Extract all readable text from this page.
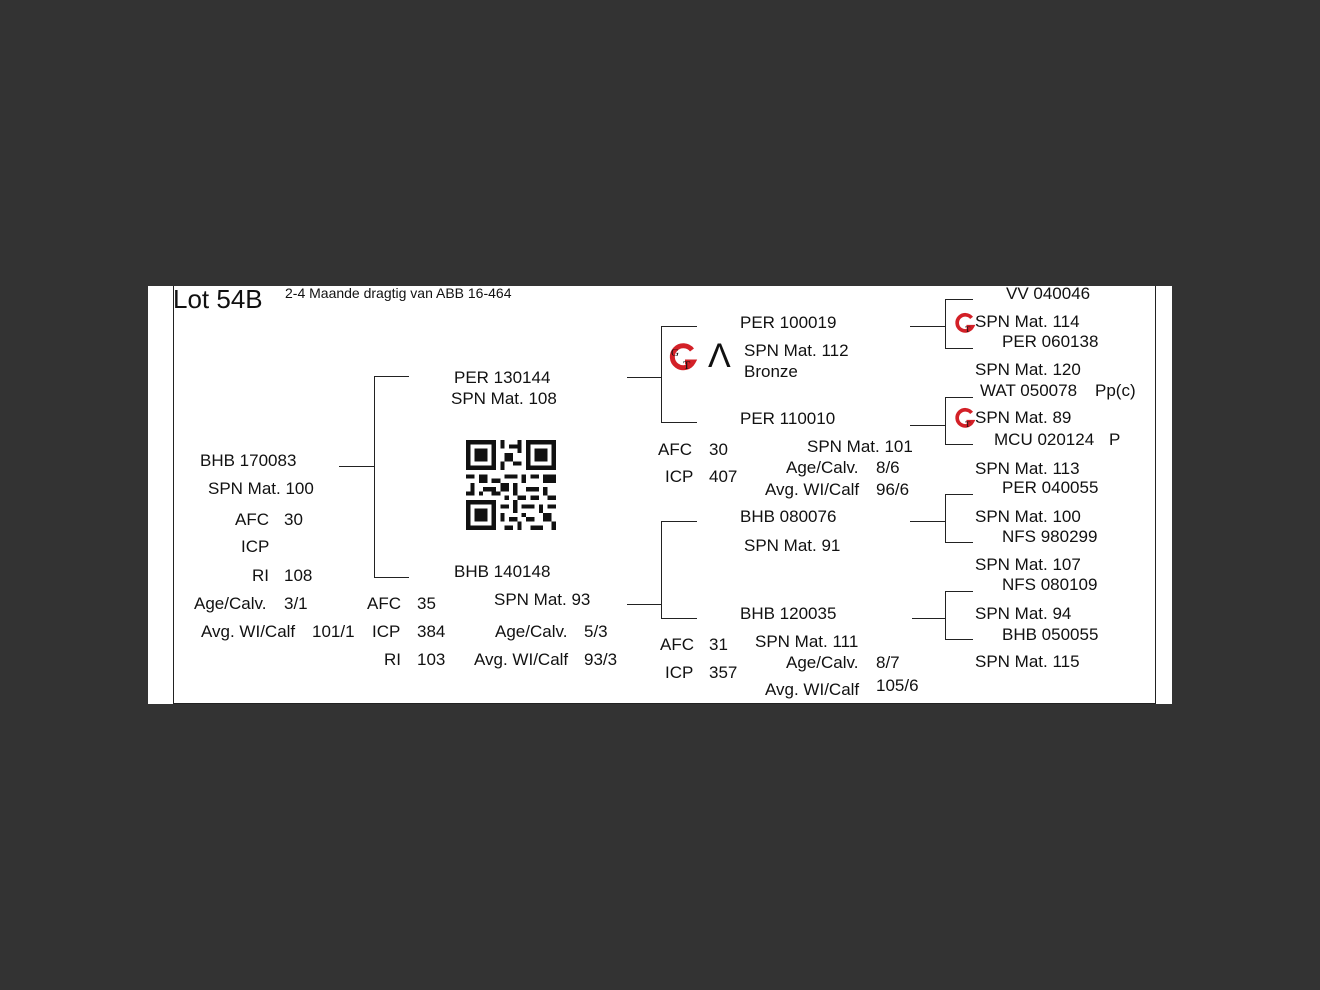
Lot 54B 2-4 Maande dragtig van ABB 16-464
BHB 170083
SPN Mat. 100
AFC 30
ICP
RI 108
Age/Calv. 3/1
Avg. WI/Calf 101/1
PER 130144
SPN Mat. 108
BHB 140148
SPN Mat. 93
AFC 35
ICP 384
RI 103
Age/Calv. 5/3
Avg. WI/Calf 93/3
T
G Λ
PER 100019
SPN Mat. 112
Bronze
PER 110010
SPN Mat. 101
AFC 30
ICP 407	Age/Calv. 8/6
Avg. WI/Calf 96/6
BHB 080076
SPN Mat. 91
BHB 120035
SPN Mat. 111
AFC 31
ICP 357
Age/Calv. 8/7
Avg. WI/Calf 105/6
VV 040046
T SPN Mat. 114
PER 060138
SPN Mat. 120
WAT 050078 Pp(c)
T SPN Mat. 89
MCU 020124 P
SPN Mat. 113
PER 040055
SPN Mat. 100
NFS 980299
SPN Mat. 107
NFS 080109
SPN Mat. 94
BHB 050055
SPN Mat. 115
